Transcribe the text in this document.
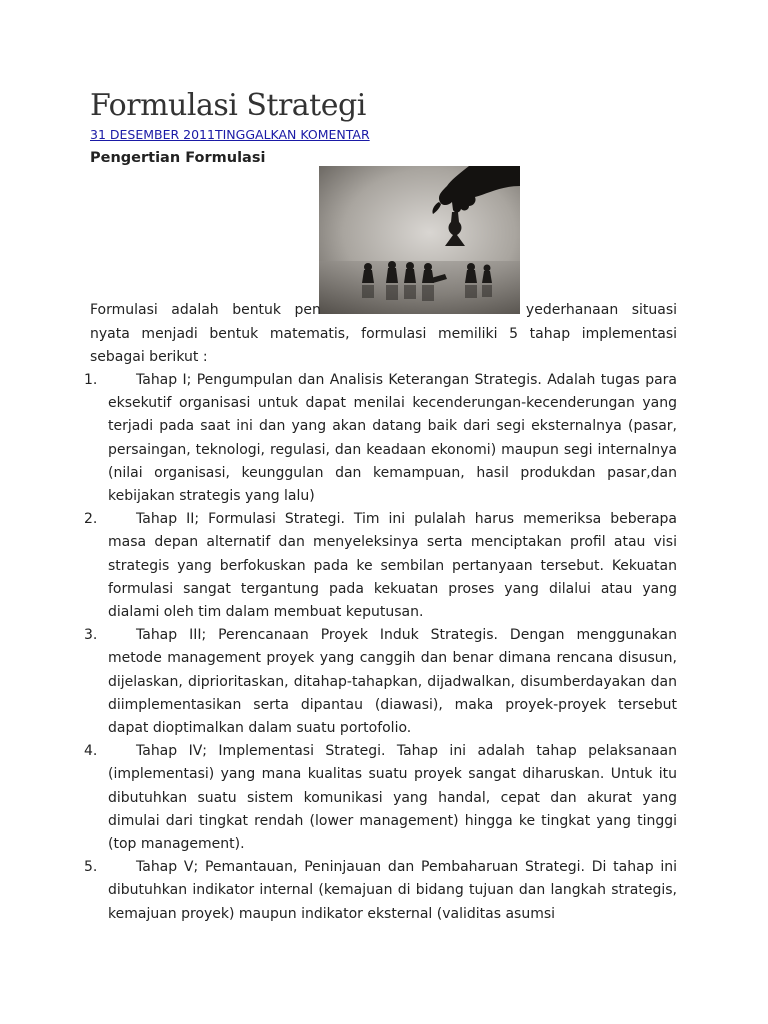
Formulasi Strategi
31 DESEMBER 2011TINGGALKAN KOMENTAR
Pengertian Formulasi

Formulasi adalah bentuk pen	yederhanaan situasi nyata menjadi bentuk matematis, formulasi memiliki 5 tahap implementasi sebagai berikut :

1.	Tahap I; Pengumpulan dan Analisis Keterangan Strategis. Adalah tugas para eksekutif organisasi untuk dapat menilai kecenderungan-kecenderungan yang terjadi pada saat ini dan yang akan datang baik dari segi eksternalnya (pasar, persaingan, teknologi, regulasi, dan keadaan ekonomi) maupun segi internalnya (nilai organisasi, keunggulan dan kemampuan, hasil produkdan pasar,dan kebijakan strategis yang lalu)
2.	Tahap II; Formulasi Strategi. Tim ini pulalah harus memeriksa beberapa masa depan alternatif dan menyeleksinya serta menciptakan profil atau visi strategis yang berfokuskan pada ke sembilan pertanyaan tersebut. Kekuatan formulasi sangat tergantung pada kekuatan proses yang dilalui atau yang dialami oleh tim dalam membuat keputusan.
3.	Tahap III; Perencanaan Proyek Induk Strategis. Dengan menggunakan metode management proyek yang canggih dan benar dimana rencana disusun, dijelaskan, diprioritaskan, ditahap-tahapkan, dijadwalkan, disumberdayakan dan diimplementasikan serta dipantau (diawasi), maka proyek-proyek tersebut dapat dioptimalkan dalam suatu portofolio.
4.	Tahap IV; Implementasi Strategi. Tahap ini adalah tahap pelaksanaan (implementasi) yang mana kualitas suatu proyek sangat diharuskan. Untuk itu dibutuhkan suatu sistem komunikasi yang handal, cepat dan akurat yang dimulai dari tingkat rendah (lower management) hingga ke tingkat yang tinggi (top management).
5.	Tahap V; Pemantauan, Peninjauan dan Pembaharuan Strategi. Di tahap ini dibutuhkan indikator internal (kemajuan di bidang tujuan dan langkah strategis, kemajuan proyek) maupun indikator eksternal (validitas asumsi
